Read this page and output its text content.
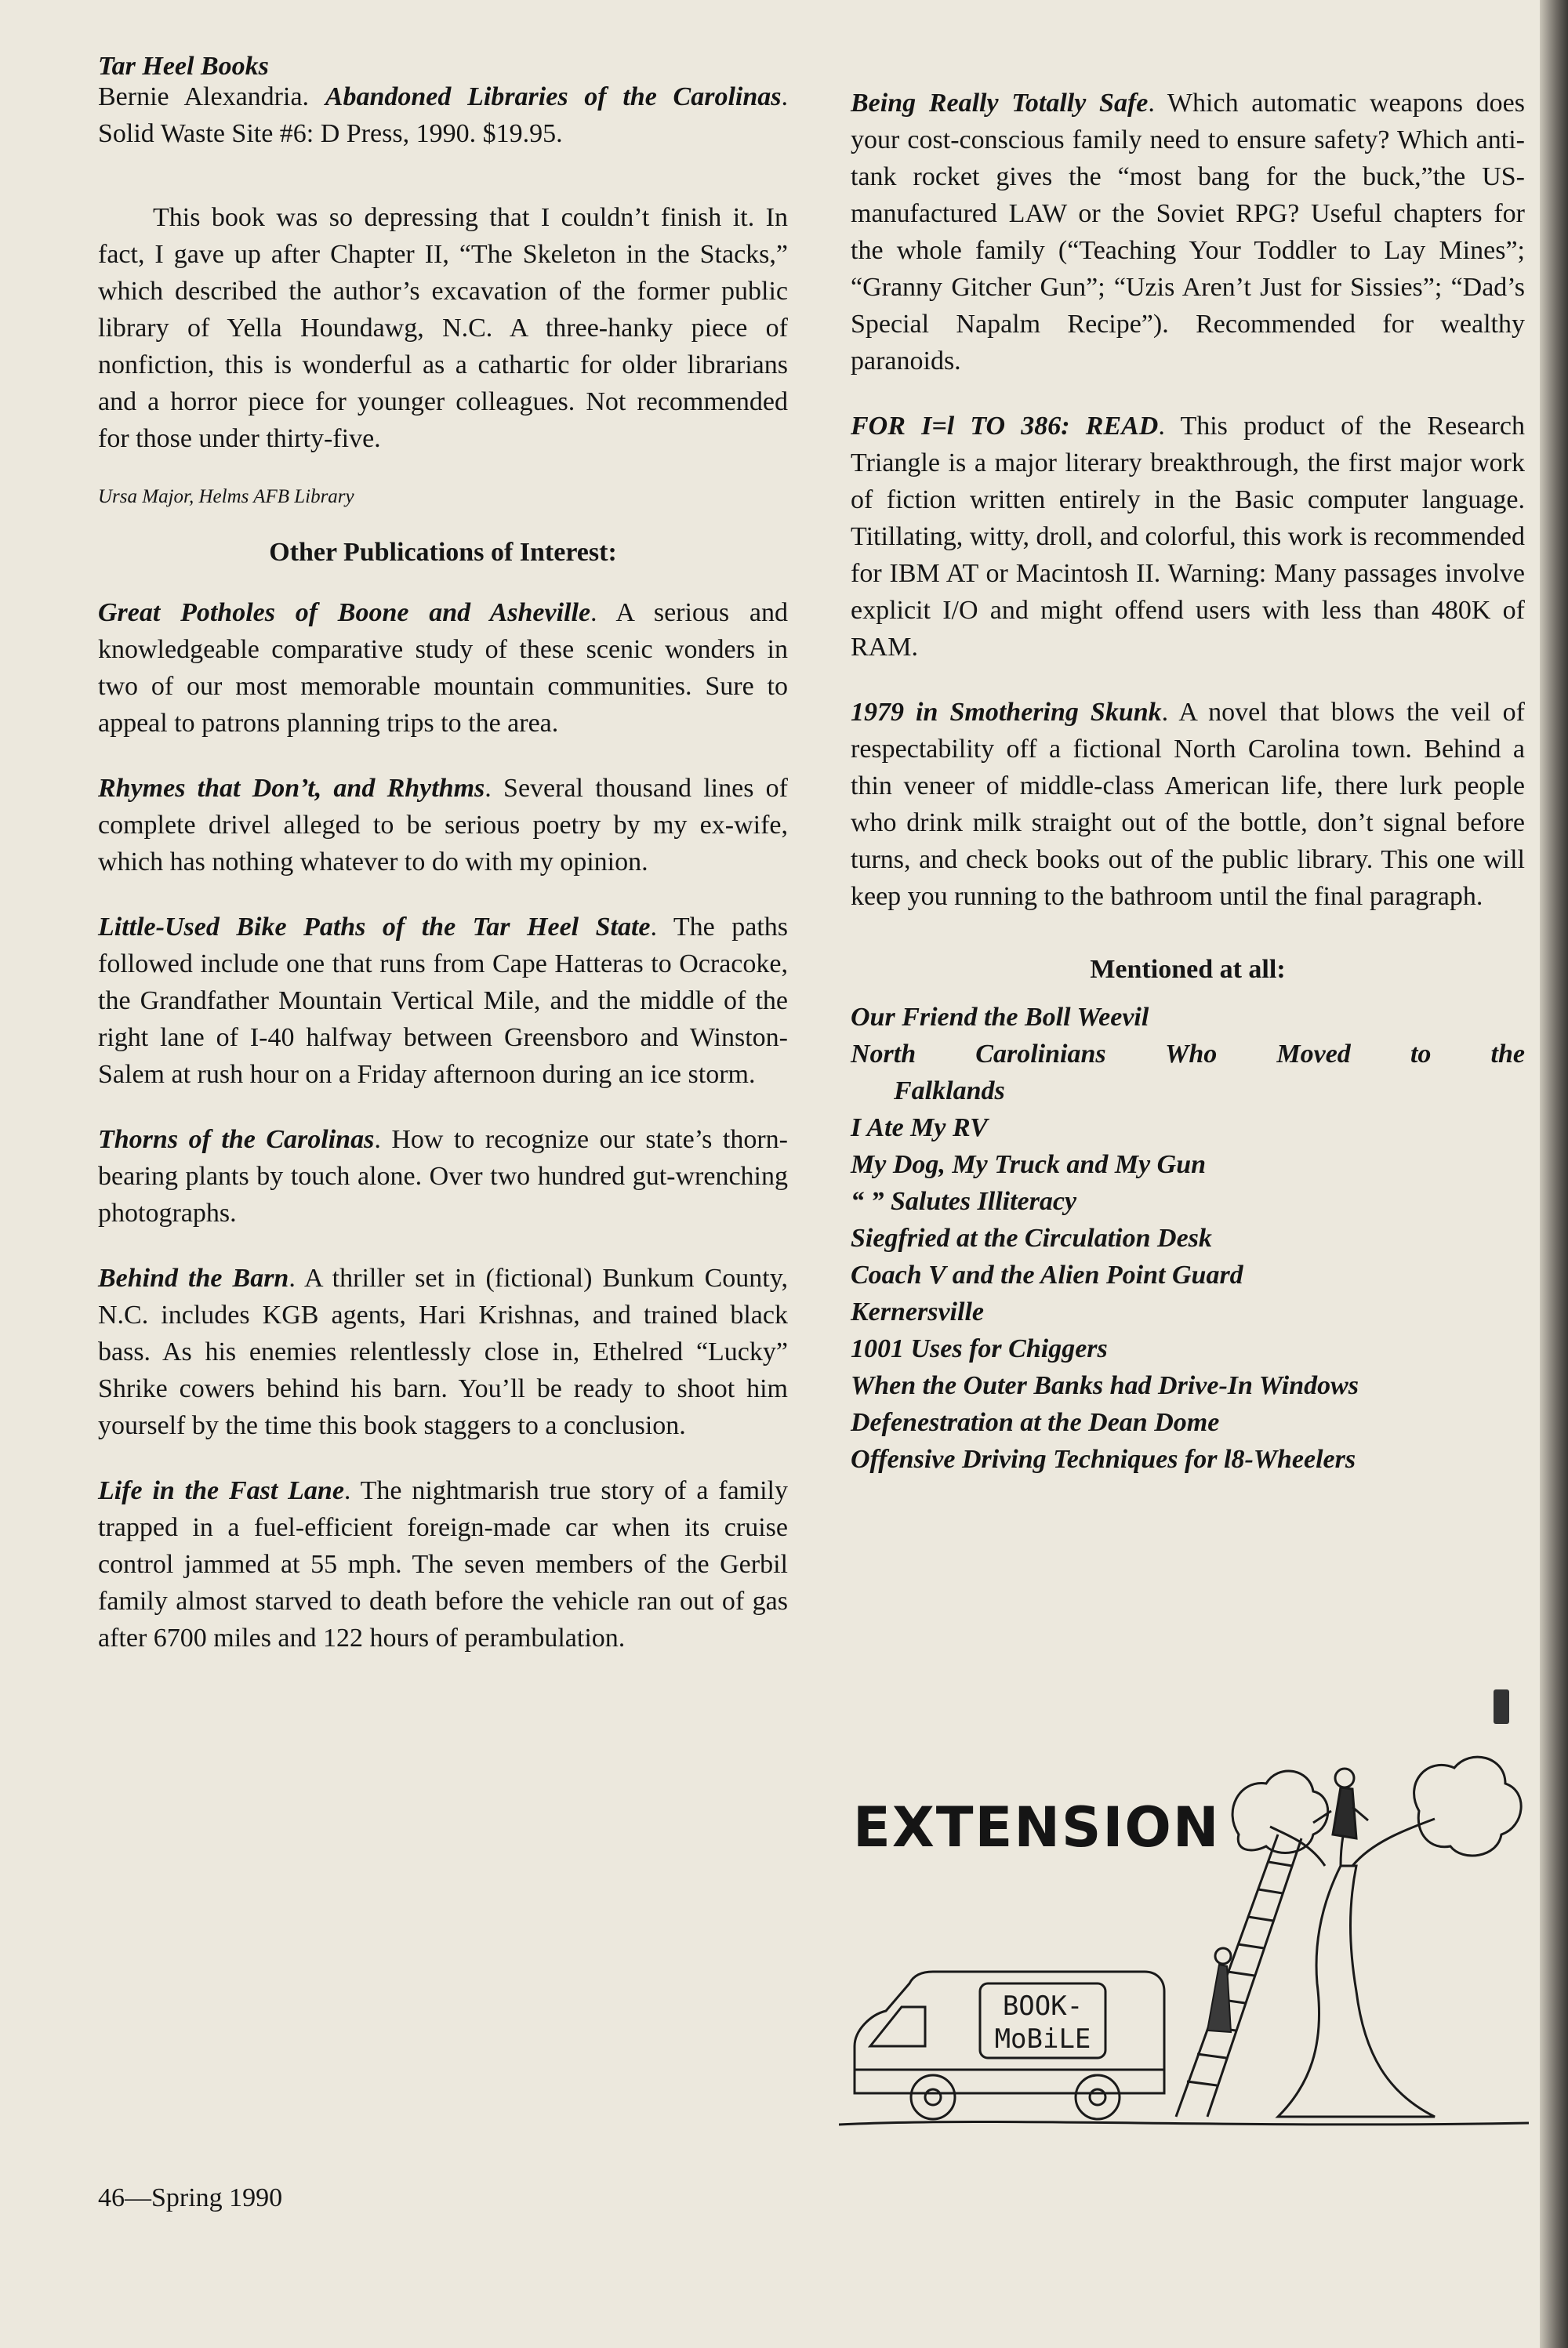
Tar Heel Books

Bernie Alexandria. Abandoned Libraries of the Carolinas. Solid Waste Site #6: D Press, 1990. $19.95.

This book was so depressing that I couldn’t finish it. In fact, I gave up after Chapter II, “The Skeleton in the Stacks,” which described the author’s excavation of the former public library of Yella Houndawg, N.C. A three-hanky piece of nonfiction, this is wonderful as a cathartic for older librarians and a horror piece for younger colleagues. Not recommended for those under thirty-five.

Ursa Major, Helms AFB Library

Other Publications of Interest:

Great Potholes of Boone and Asheville. A serious and knowledgeable comparative study of these scenic wonders in two of our most memorable mountain communities. Sure to appeal to patrons planning trips to the area.

Rhymes that Don’t, and Rhythms. Several thousand lines of complete drivel alleged to be serious poetry by my ex-wife, which has nothing whatever to do with my opinion.

Little-Used Bike Paths of the Tar Heel State. The paths followed include one that runs from Cape Hatteras to Ocracoke, the Grandfather Mountain Vertical Mile, and the middle of the right lane of I-40 halfway between Greensboro and Winston-Salem at rush hour on a Friday afternoon during an ice storm.

Thorns of the Carolinas. How to recognize our state’s thorn-bearing plants by touch alone. Over two hundred gut-wrenching photographs.

Behind the Barn. A thriller set in (fictional) Bunkum County, N.C. includes KGB agents, Hari Krishnas, and trained black bass. As his enemies relentlessly close in, Ethelred “Lucky” Shrike cowers behind his barn. You’ll be ready to shoot him yourself by the time this book staggers to a conclusion.

Life in the Fast Lane. The nightmarish true story of a family trapped in a fuel-efficient foreign-made car when its cruise control jammed at 55 mph. The seven members of the Gerbil family almost starved to death before the vehicle ran out of gas after 6700 miles and 122 hours of perambulation.

Being Really Totally Safe. Which automatic weapons does your cost-conscious family need to ensure safety? Which anti-tank rocket gives the “most bang for the buck,”the US-manufactured LAW or the Soviet RPG? Useful chapters for the whole family (“Teaching Your Toddler to Lay Mines”; “Granny Gitcher Gun”; “Uzis Aren’t Just for Sissies”; “Dad’s Special Napalm Recipe”). Recommended for wealthy paranoids.

FOR I=l TO 386: READ. This product of the Research Triangle is a major literary breakthrough, the first major work of fiction written entirely in the Basic computer language. Titillating, witty, droll, and colorful, this work is recommended for IBM AT or Macintosh II. Warning: Many passages involve explicit I/O and might offend users with less than 480K of RAM.

1979 in Smothering Skunk. A novel that blows the veil of respectability off a fictional North Carolina town. Behind a thin veneer of middle-class American life, there lurk people who drink milk straight out of the bottle, don’t signal before turns, and check books out of the public library. This one will keep you running to the bathroom until the final paragraph.

Mentioned at all:
Our Friend the Boll Weevil
North Carolinians Who Moved to the
Falklands
I Ate My RV
My Dog, My Truck and My Gun
“ ” Salutes Illiteracy
Siegfried at the Circulation Desk
Coach V and the Alien Point Guard
Kernersville
1001 Uses for Chiggers
When the Outer Banks had Drive-In Windows
Defenestration at the Dean Dome
Offensive Driving Techniques for l8-Wheelers
BOOK-
MoBiLE
EXTENSION
46—Spring 1990
